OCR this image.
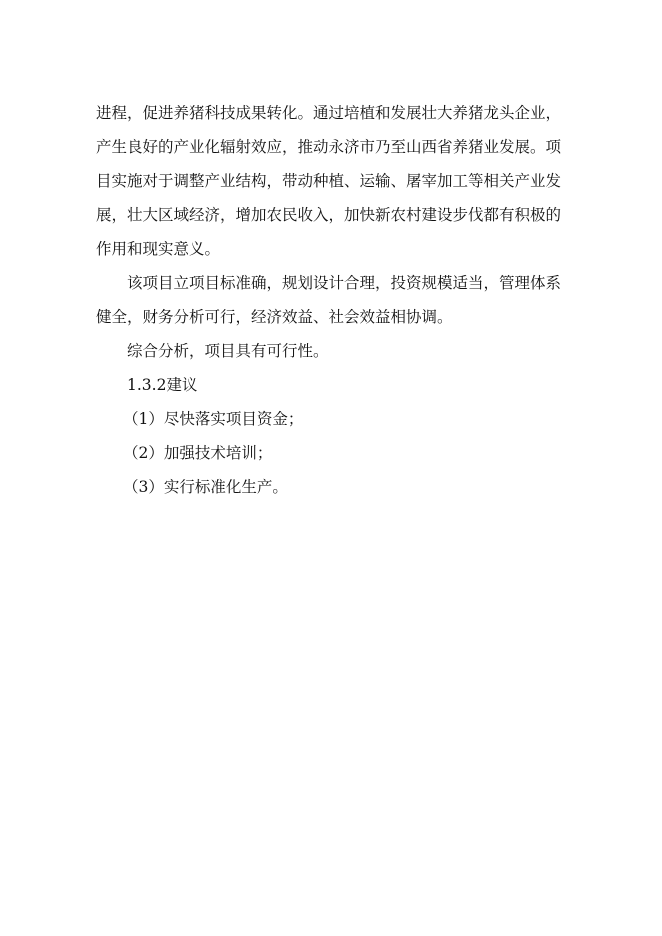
进程，促进养猪科技成果转化。通过培植和发展壮大养猪龙头企业，
产生良好的产业化辐射效应，推动永济市乃至山西省养猪业发展。项
目实施对于调整产业结构，带动种植、运输、屠宰加工等相关产业发
展，壮大区域经济，增加农民收入，加快新农村建设步伐都有积极的
作用和现实意义。

该项目立项目标准确，规划设计合理，投资规模适当，管理体系
健全，财务分析可行，经济效益、社会效益相协调。

综合分析，项目具有可行性。

1.3.2建议

（1）尽快落实项目资金；

（2）加强技术培训；

（3）实行标准化生产。
